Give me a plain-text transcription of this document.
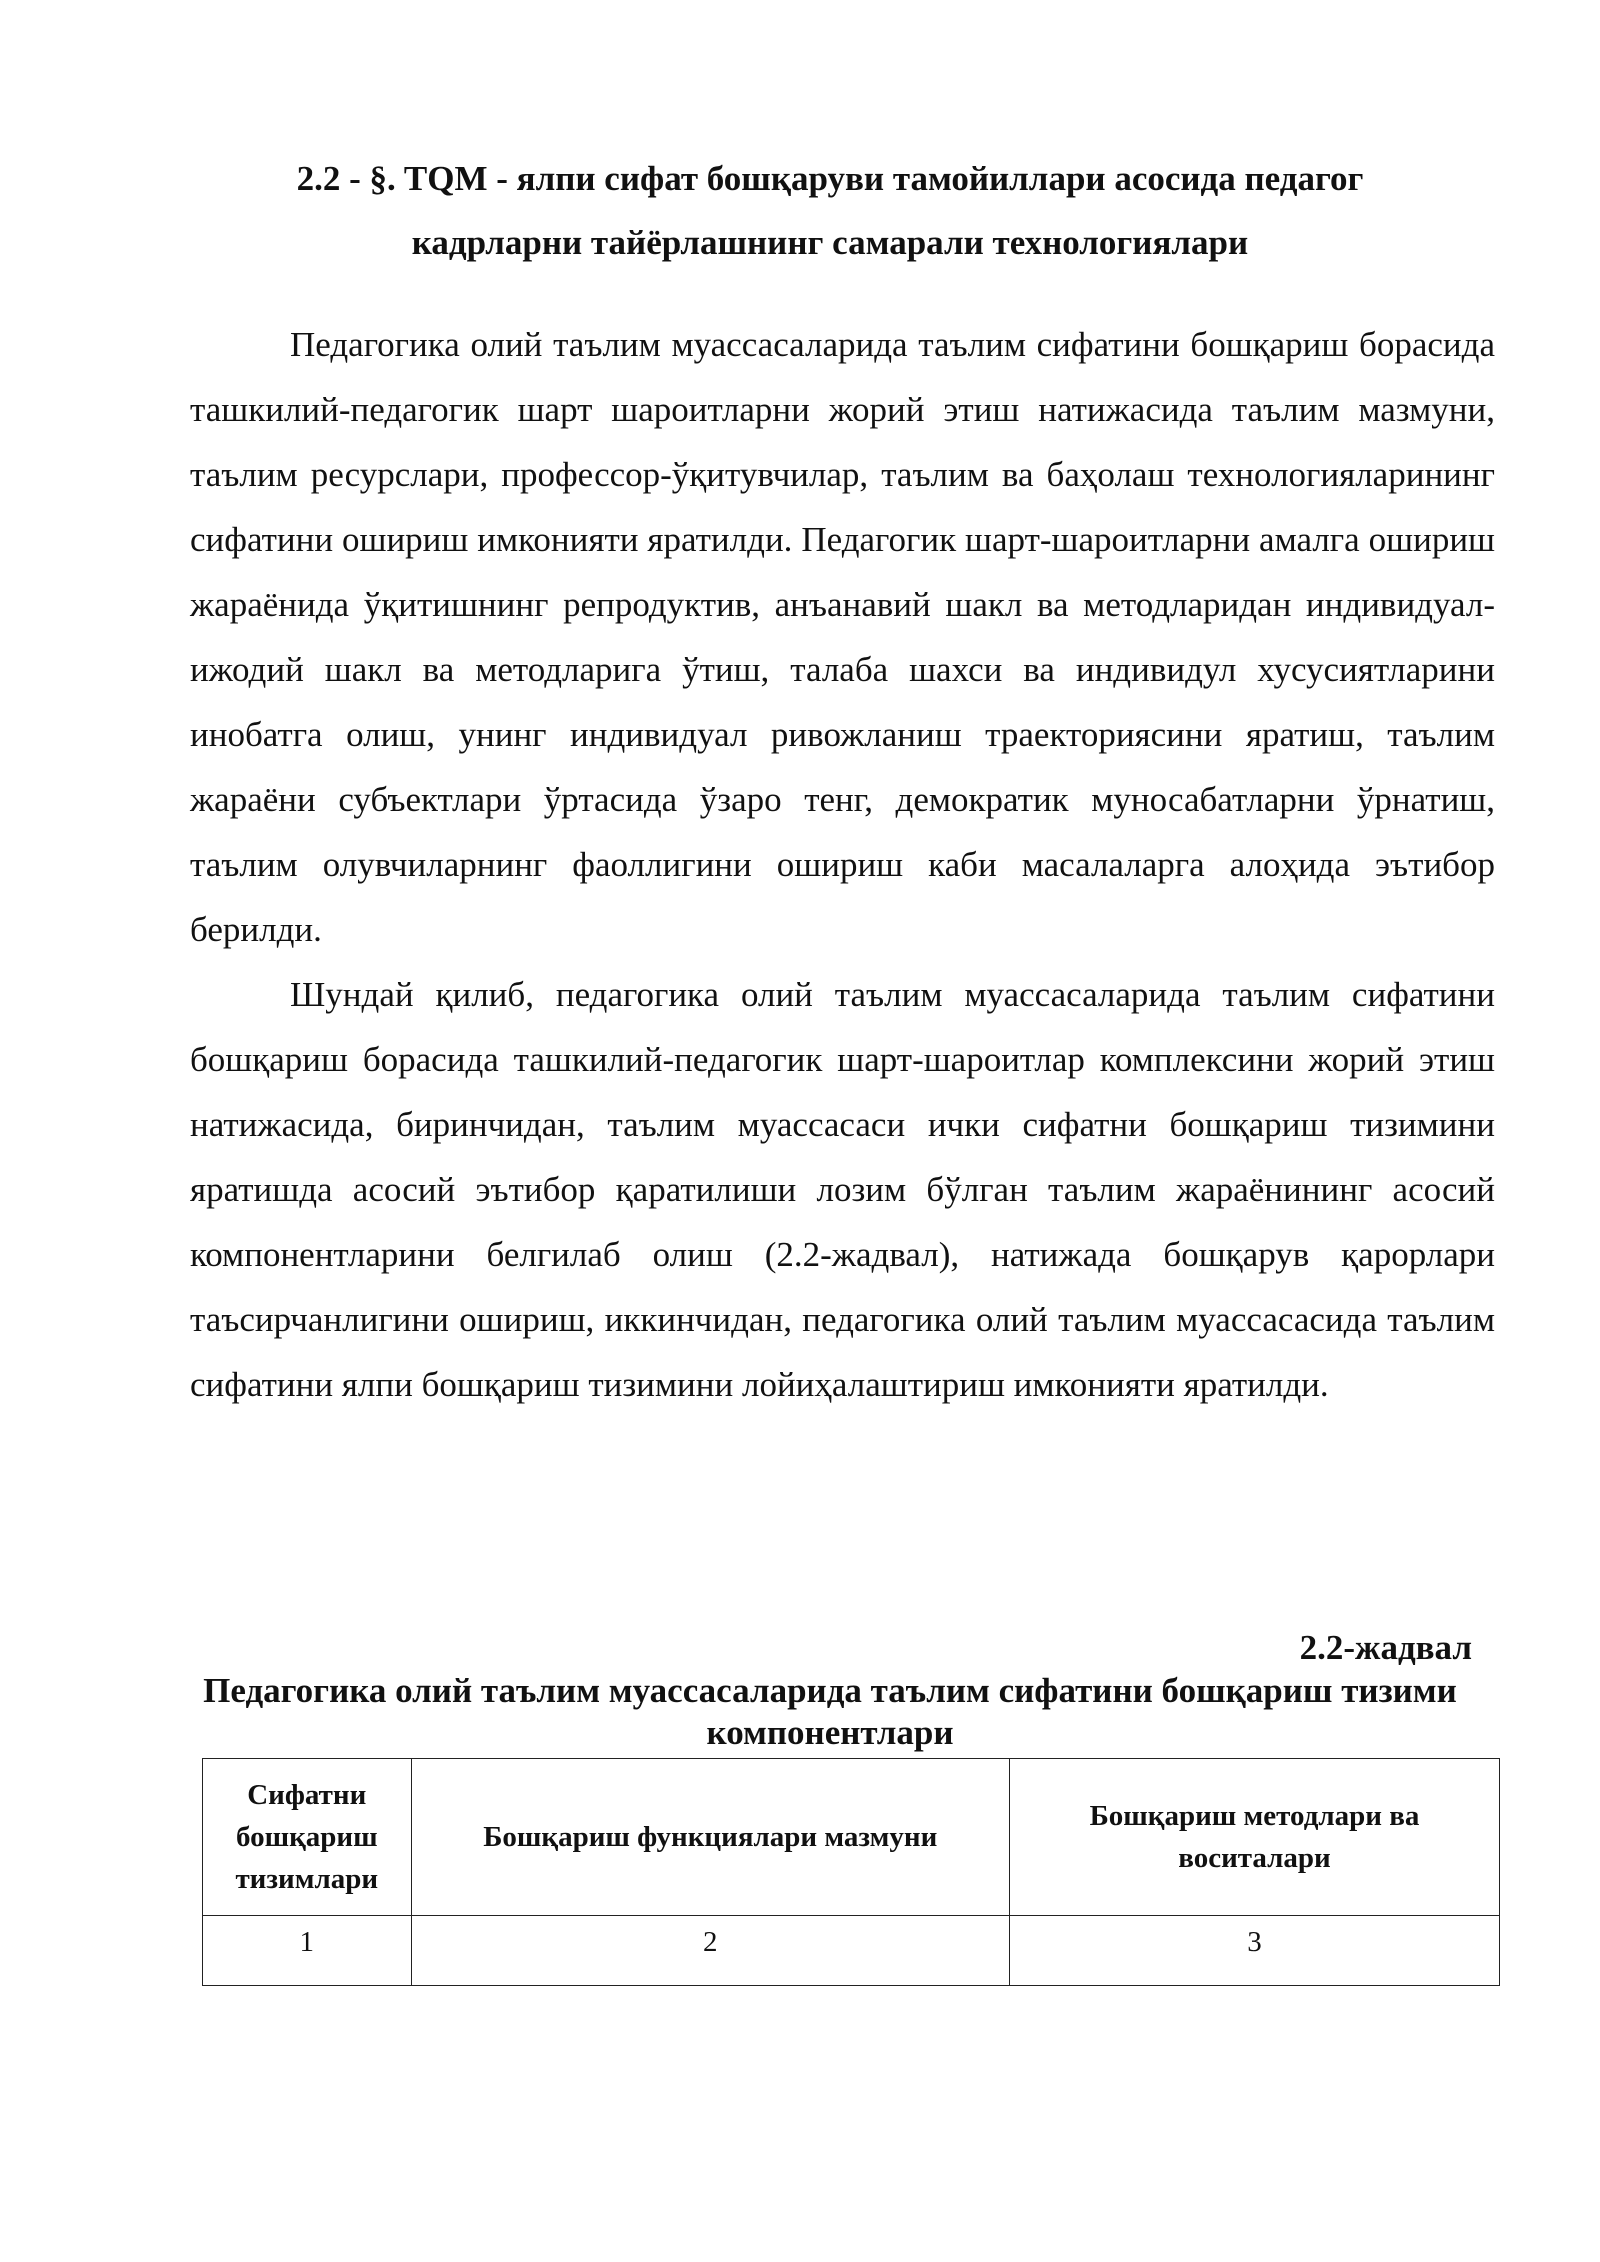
2.2 - §. TQM - ялпи сифат бошқаруви тамойиллари асосида педагог
кадрларни тайёрлашнинг самарали технологиялари

Педагогика олий таълим муассасаларида таълим сифатини бошқариш борасида ташкилий-педагогик шарт шароитларни жорий этиш натижасида таълим мазмуни, таълим ресурслари, профессор-ўқитувчилар, таълим ва баҳолаш технологияларининг сифатини ошириш имконияти яратилди. Педагогик шарт-шароитларни амалга ошириш жараёнида ўқитишнинг репродуктив, анъанавий шакл ва методларидан индивидуал-ижодий шакл ва методларига ўтиш, талаба шахси ва индивидул хусусиятларини инобатга олиш, унинг индивидуал ривожланиш траекториясини яратиш, таълим жараёни субъектлари ўртасида ўзаро тенг, демократик муносабатларни ўрнатиш, таълим олувчиларнинг фаоллигини ошириш каби масалаларга алоҳида эътибор берилди.

Шундай қилиб, педагогика олий таълим муассасаларида таълим сифатини бошқариш борасида ташкилий-педагогик шарт-шароитлар комплексини жорий этиш натижасида, биринчидан, таълим муассасаси ички сифатни бошқариш тизимини яратишда асосий эътибор қаратилиши лозим бўлган таълим жараёнининг асосий компонентларини белгилаб олиш (2.2-жадвал), натижада бошқарув қарорлари таъсирчанлигини ошириш, иккинчидан, педагогика олий таълим муассасасида таълим сифатини ялпи бошқариш тизимини лойиҳалаштириш имконияти яратилди.

2.2-жадвал

Педагогика олий таълим муассасаларида таълим сифатини бошқариш тизими компонентлари

Сифатни бошқариш тизимлари	Бошқариш функциялари мазмуни	Бошқариш методлари ва воситалари
1	2	3
